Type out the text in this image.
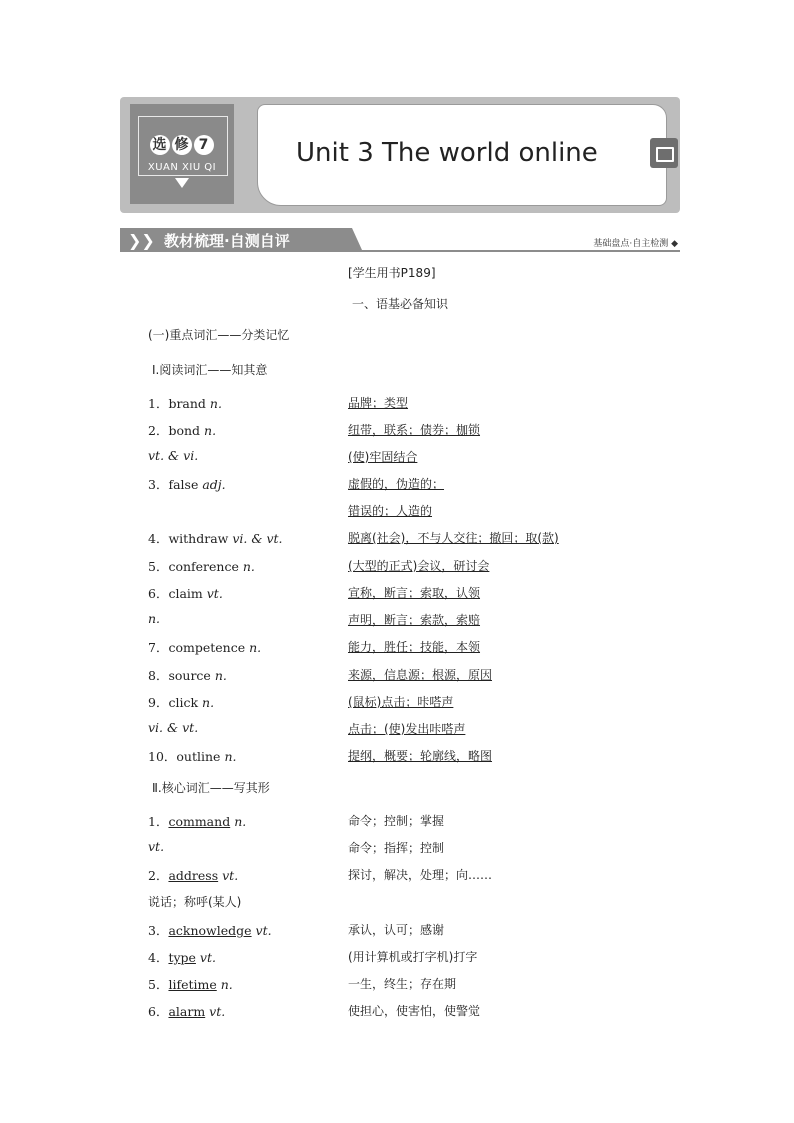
选 修 7
XUAN XIU QI	Unit 3 The world online
❯❯ 教材梳理·自测自评	基础盘点·自主检测 ◆
[学生用书P189]
一、语基必备知识
(一)重点词汇——分类记忆
Ⅰ.阅读词汇——知其意
1．brand n.	品牌；类型
2．bond n.	纽带，联系；债券；枷锁
vt. & vi.	(使)牢固结合
3．false adj.	虚假的，伪造的；
错误的；人造的
4．withdraw vi. & vt.	脱离(社会)，不与人交往；撤回；取(款)
5．conference n.	(大型的正式)会议，研讨会
6．claim vt.	宣称，断言；索取，认领
n.	声明，断言；索款，索赔
7．competence n.	能力，胜任；技能，本领
8．source n.	来源，信息源；根源，原因
9．click n.	(鼠标)点击；咔嗒声
vi. & vt.	点击；(使)发出咔嗒声
10．outline n.	提纲，概要；轮廓线，略图
Ⅱ.核心词汇——写其形
1．command n.	命令；控制；掌握
vt.	命令；指挥；控制
2．address vt.	探讨，解决，处理；向……
说话；称呼(某人)
3．acknowledge vt.	承认，认可；感谢
4．type vt.	(用计算机或打字机)打字
5．lifetime n.	一生，终生；存在期
6．alarm vt.	使担心，使害怕，使警觉
